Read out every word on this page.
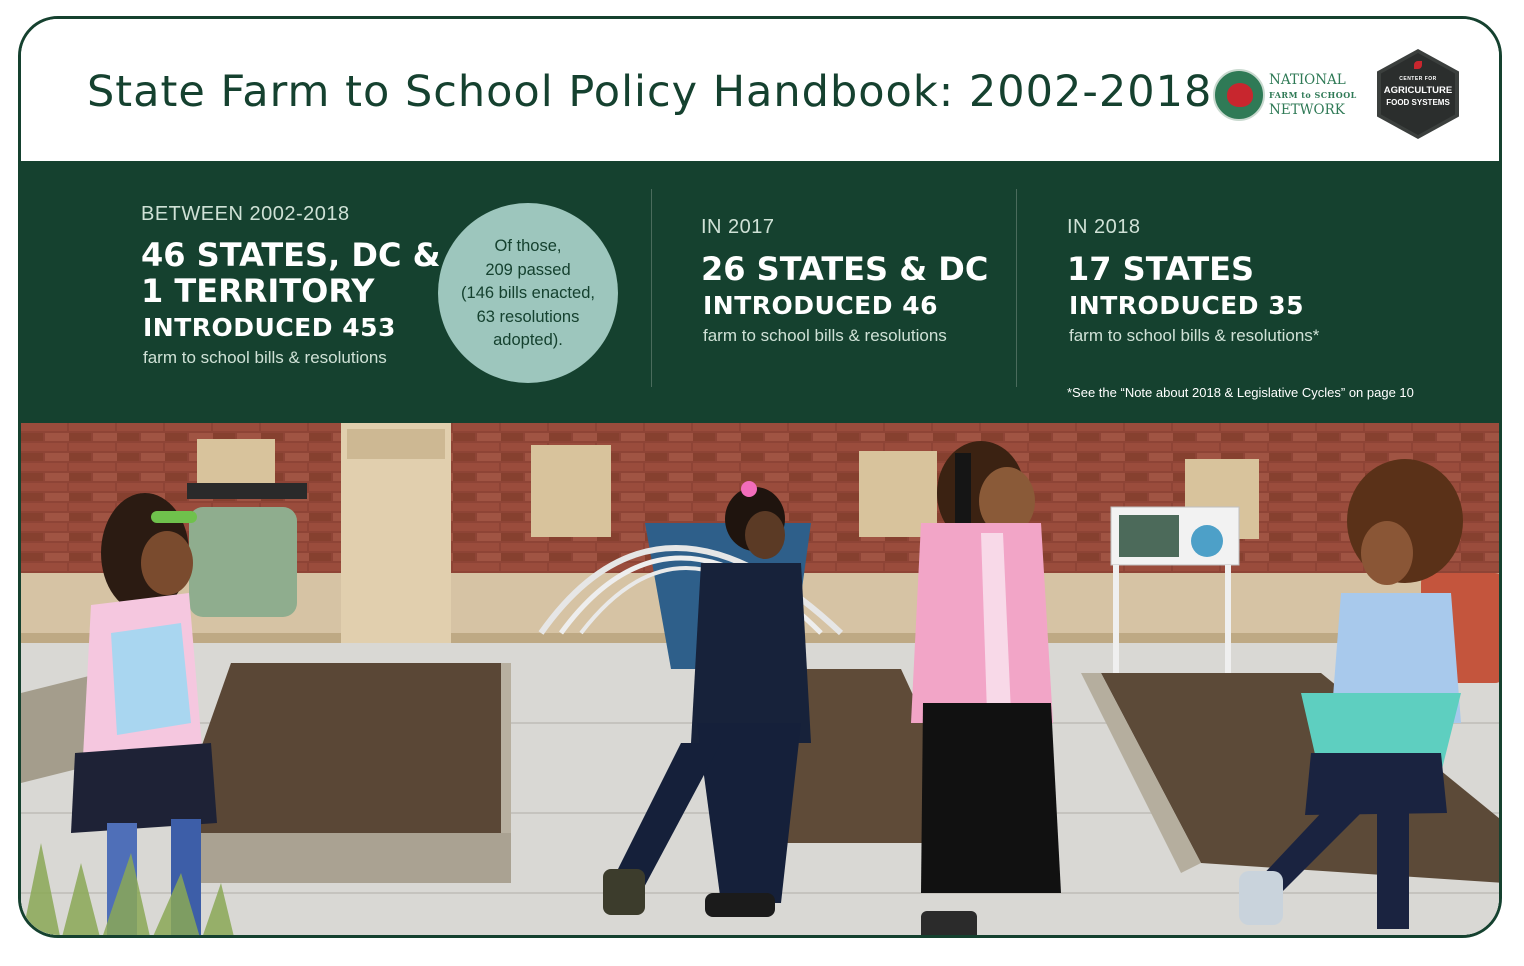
State Farm to School Policy Handbook: 2002-2018	NATIONAL
FARM to SCHOOL
NETWORK
CENTER FOR
AGRICULTURE
FOOD SYSTEMS
BETWEEN 2002-2018
46 STATES, DC &
1 TERRITORY
INTRODUCED 453
farm to school bills & resolutions
Of those,
209 passed
(146 bills enacted,
63 resolutions
adopted).
IN 2017
26 STATES & DC
INTRODUCED 46
farm to school bills & resolutions
IN 2018
17 STATES
INTRODUCED 35
farm to school bills & resolutions*
*See the “Note about 2018 & Legislative Cycles” on page 10
